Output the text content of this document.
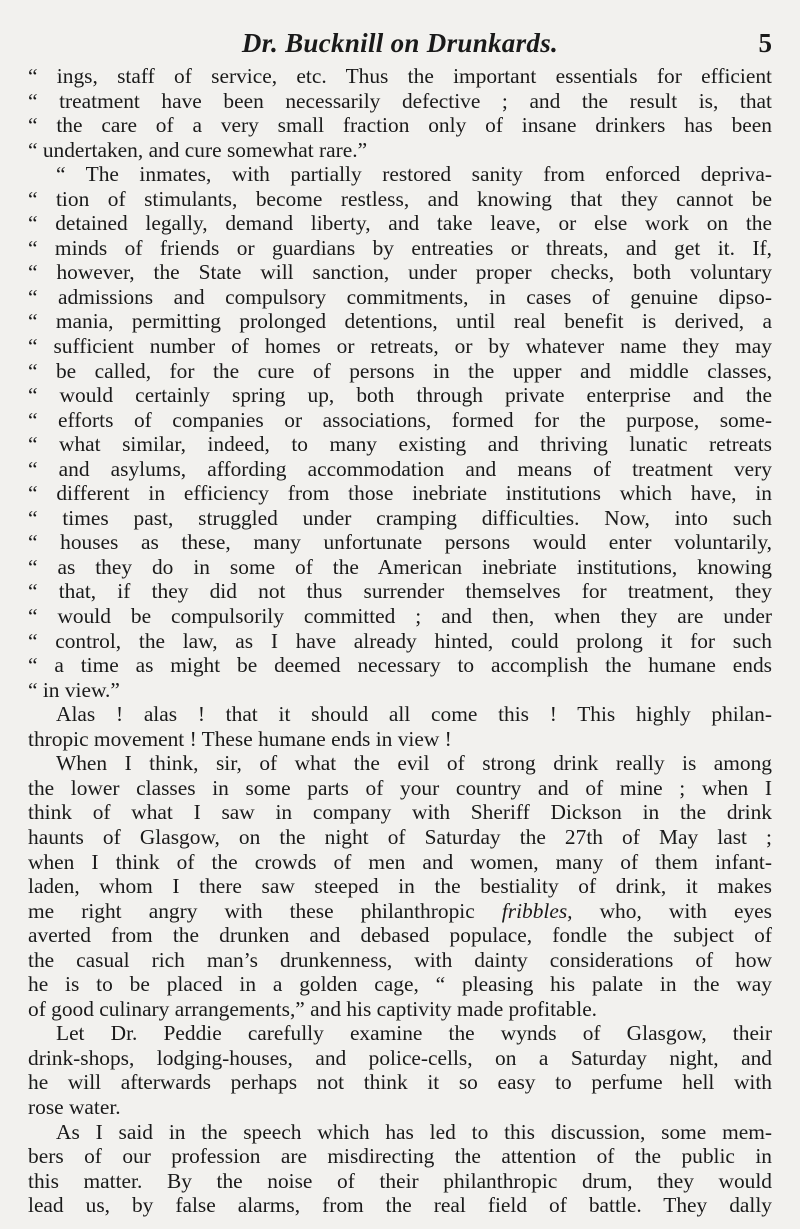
Dr. Bucknill on Drunkards.	5
“ ings, staff of service, etc. Thus the important essentials for efficient
“ treatment have been necessarily defective ; and the result is, that
“ the care of a very small fraction only of insane drinkers has been
“ undertaken, and cure somewhat rare.”
“ The inmates, with partially restored sanity from enforced depriva-
“ tion of stimulants, become restless, and knowing that they cannot be
“ detained legally, demand liberty, and take leave, or else work on the
“ minds of friends or guardians by entreaties or threats, and get it. If,
“ however, the State will sanction, under proper checks, both voluntary
“ admissions and compulsory commitments, in cases of genuine dipso-
“ mania, permitting prolonged detentions, until real benefit is derived, a
“ sufficient number of homes or retreats, or by whatever name they may
“ be called, for the cure of persons in the upper and middle classes,
“ would certainly spring up, both through private enterprise and the
“ efforts of companies or associations, formed for the purpose, some-
“ what similar, indeed, to many existing and thriving lunatic retreats
“ and asylums, affording accommodation and means of treatment very
“ different in efficiency from those inebriate institutions which have, in
“ times past, struggled under cramping difficulties. Now, into such
“ houses as these, many unfortunate persons would enter voluntarily,
“ as they do in some of the American inebriate institutions, knowing
“ that, if they did not thus surrender themselves for treatment, they
“ would be compulsorily committed ; and then, when they are under
“ control, the law, as I have already hinted, could prolong it for such
“ a time as might be deemed necessary to accomplish the humane ends
“ in view.”
Alas ! alas ! that it should all come this ! This highly philan-
thropic movement ! These humane ends in view !
When I think, sir, of what the evil of strong drink really is among
the lower classes in some parts of your country and of mine ; when I
think of what I saw in company with Sheriff Dickson in the drink
haunts of Glasgow, on the night of Saturday the 27th of May last ;
when I think of the crowds of men and women, many of them infant-
laden, whom I there saw steeped in the bestiality of drink, it makes
me right angry with these philanthropic fribbles, who, with eyes
averted from the drunken and debased populace, fondle the subject of
the casual rich man’s drunkenness, with dainty considerations of how
he is to be placed in a golden cage, “ pleasing his palate in the way
of good culinary arrangements,” and his captivity made profitable.
Let Dr. Peddie carefully examine the wynds of Glasgow, their
drink-shops, lodging-houses, and police-cells, on a Saturday night, and
he will afterwards perhaps not think it so easy to perfume hell with
rose water.
As I said in the speech which has led to this discussion, some mem-
bers of our profession are misdirecting the attention of the public in
this matter. By the noise of their philanthropic drum, they would
lead us, by false alarms, from the real field of battle. They dally
